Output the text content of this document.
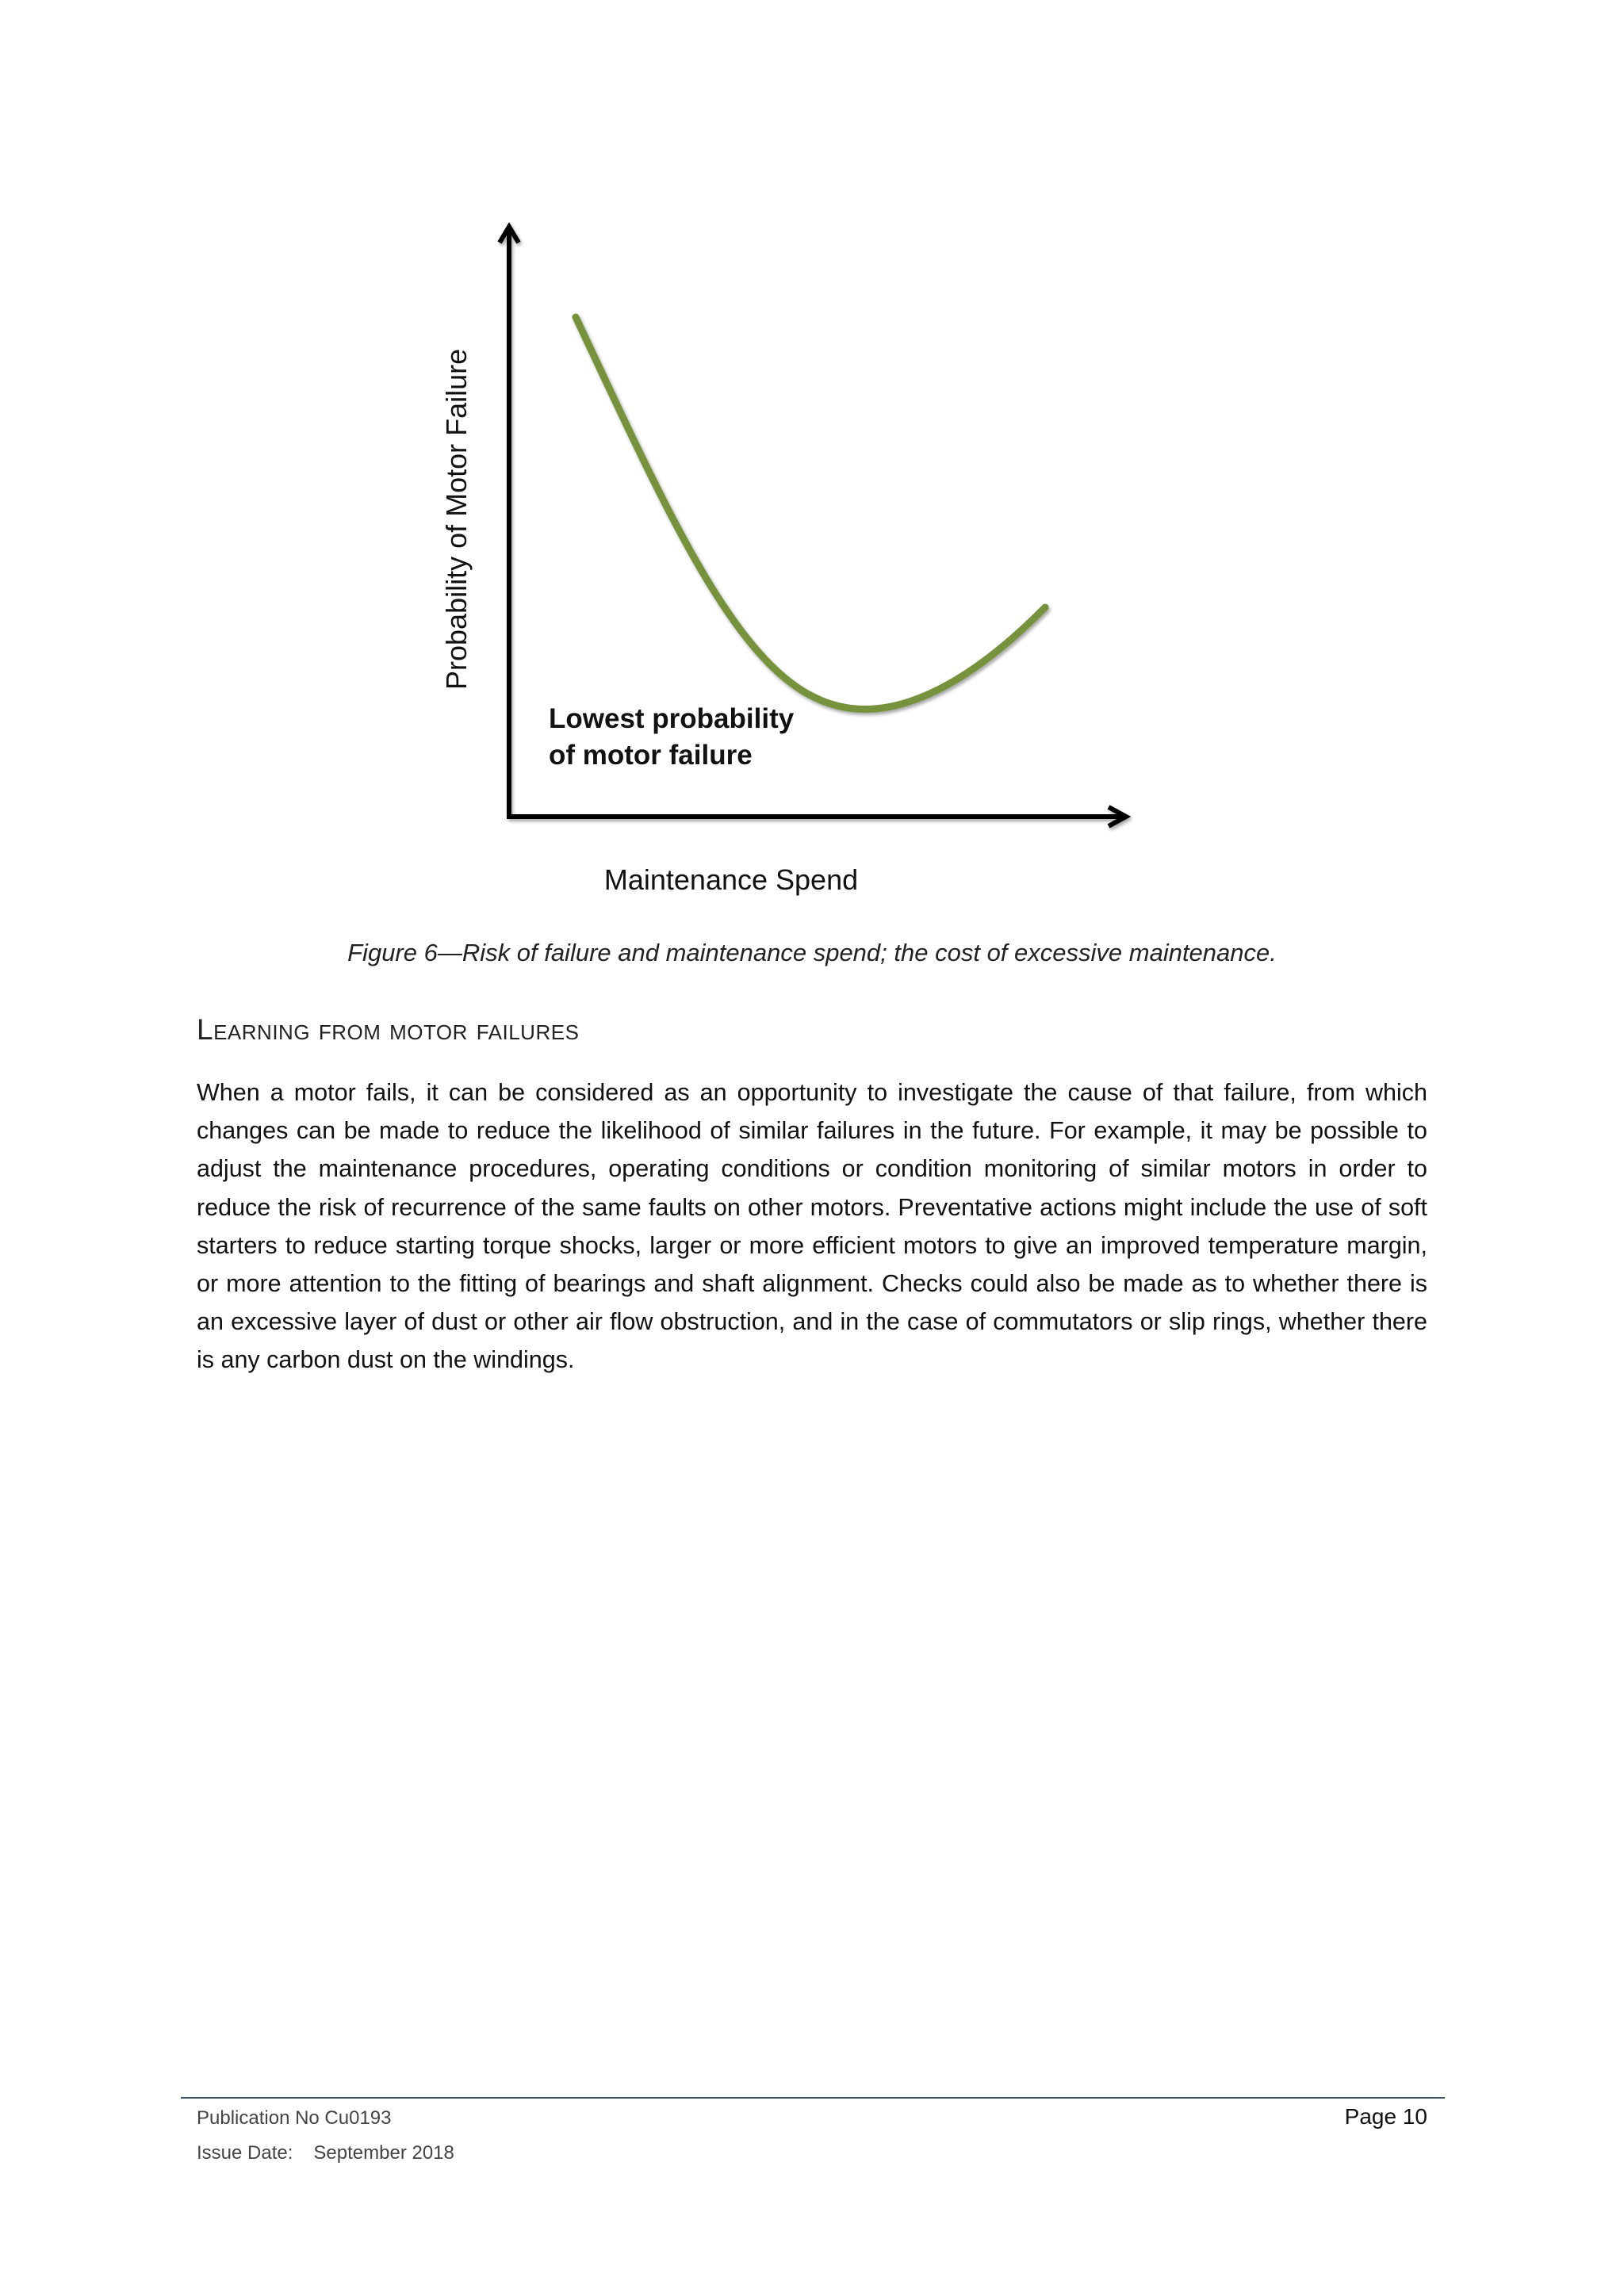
Probability of Motor Failure
Maintenance Spend
Lowest probability
of motor failure
Figure 6—Risk of failure and maintenance spend; the cost of excessive maintenance.
Learning from motor failures
When a motor fails, it can be considered as an opportunity to investigate the cause of that failure, from which changes can be made to reduce the likelihood of similar failures in the future. For example, it may be possible to adjust the maintenance procedures, operating conditions or condition monitoring of similar motors in order to reduce the risk of recurrence of the same faults on other motors. Preventative actions might include the use of soft starters to reduce starting torque shocks, larger or more efficient motors to give an improved temperature margin, or more attention to the fitting of bearings and shaft alignment. Checks could also be made as to whether there is an excessive layer of dust or other air flow obstruction, and in the case of commutators or slip rings, whether there is any carbon dust on the windings.
Publication No Cu0193
Issue Date: September 2018
Page 10
